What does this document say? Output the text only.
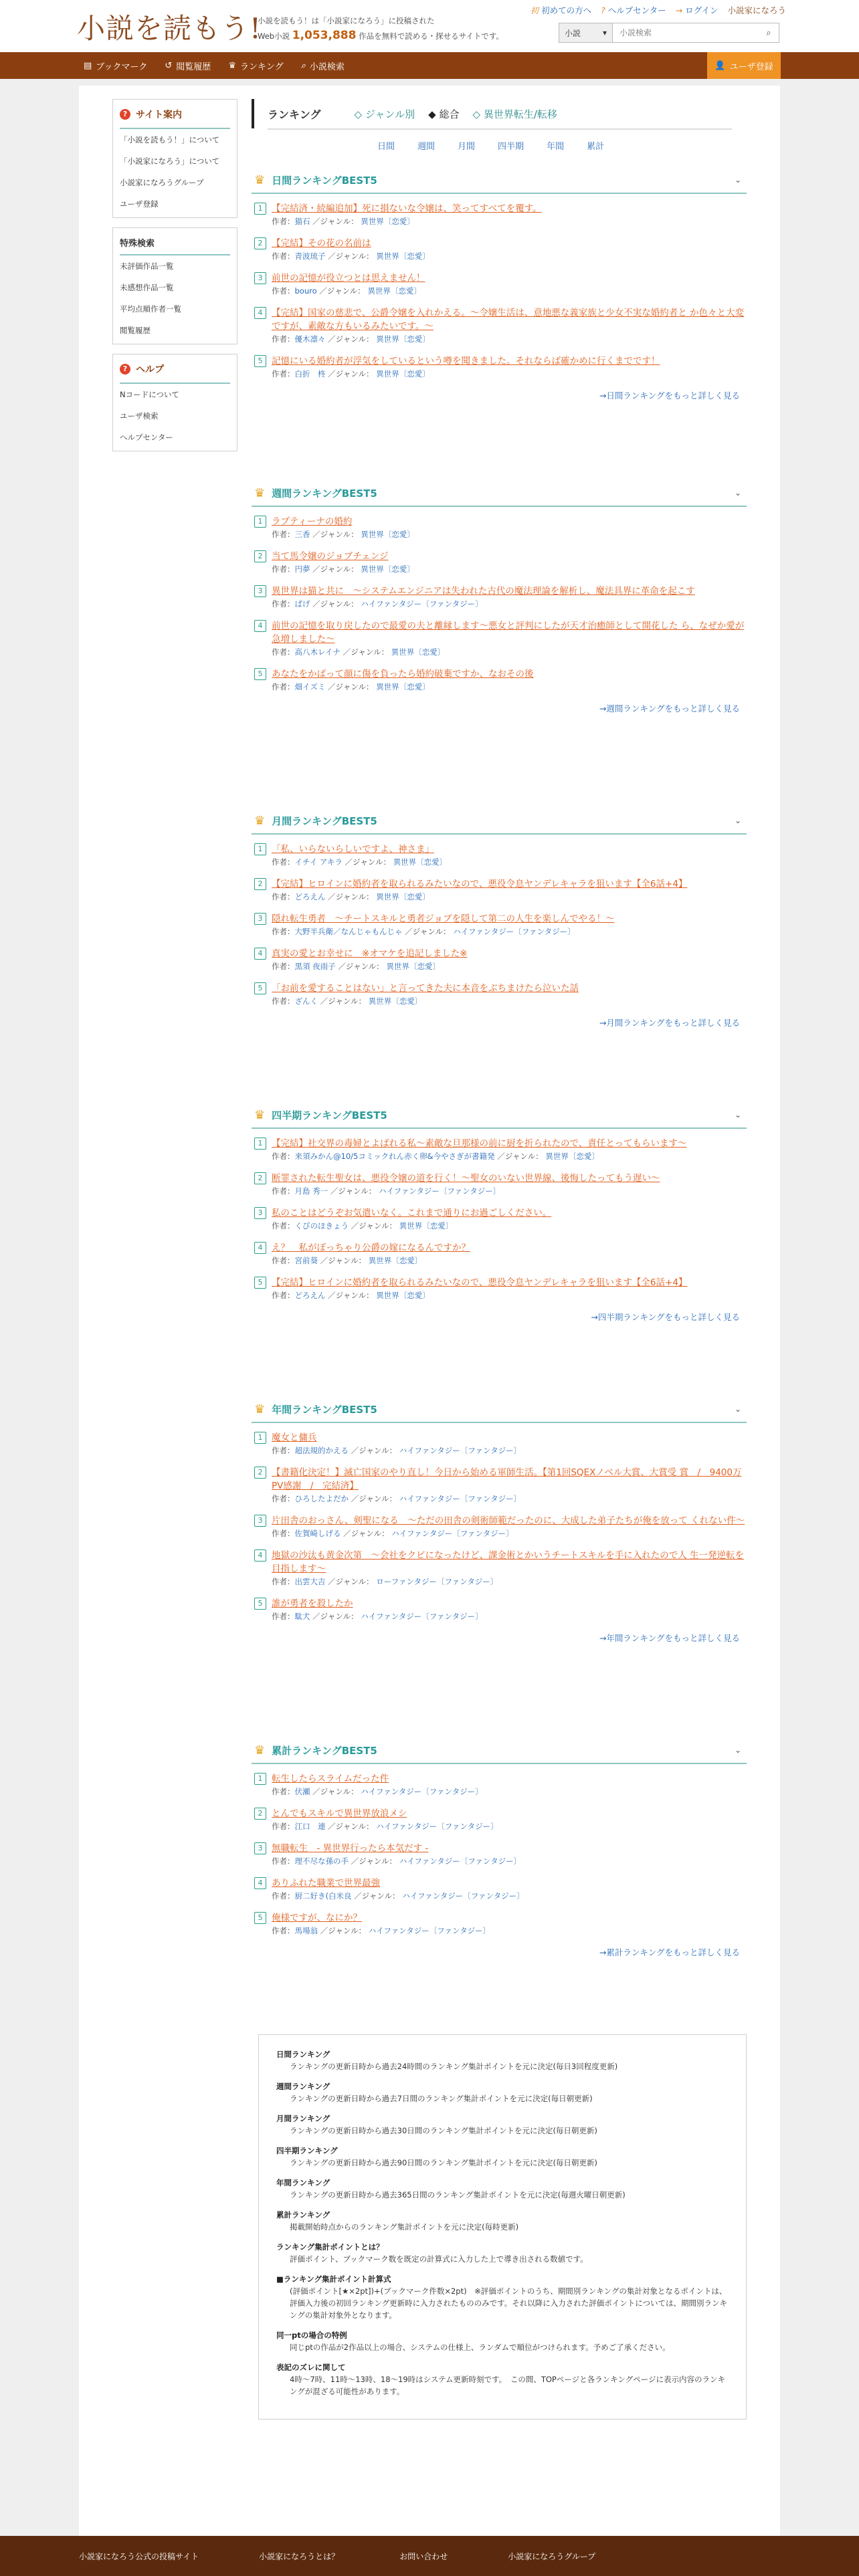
小説を読もう!
小説を読もう！は「小説家になろう」に投稿された
Web小説 1,053,888 作品を無料で読める・探せるサイトです。
初 初めての方へ ? ヘルプセンター → ログイン 小説家になろう
小説	▾
小説検索	⌕
▤ ブックマーク ↺ 閲覧履歴 ♛ ランキング ⌕ 小説検索	👤 ユーザ登録
? サイト案内
「小説を読もう！」について
「小説家になろう」について
小説家になろうグループ
ユーザ登録
特殊検索
未評価作品一覧
未感想作品一覧
平均点順作者一覧
閲覧履歴
? ヘルプ
Nコードについて
ユーザ検索
ヘルプセンター
ランキング	◇ ジャンル別 ◆ 総合 ◇ 異世界転生/転移
日間	週間	月間	四半期	年間	累計
♛ 日間ランキングBEST5	⌄
1	【完結済・続編追加】死に損ないな令嬢は、笑ってすべてを覆す。
作者：猫石 ／ジャンル： 異世界〔恋愛〕
2	【完結】その花の名前は
作者：青波琉子 ／ジャンル： 異世界〔恋愛〕
3	前世の記憶が役立つとは思えません！
作者：bouro ／ジャンル： 異世界〔恋愛〕
4	【完結】国家の慈悲で、公爵令嬢を入れかえる。〜令嬢生活は、意地悪な義家族と少女不実な婚約者と か色々と大変ですが、素敵な方もいるみたいです。〜
作者：優木凛々 ／ジャンル： 異世界〔恋愛〕
5	記憶にいる婚約者が浮気をしているという噂を聞きました。それならば確かめに行くまでです！
作者：白折　柊 ／ジャンル： 異世界〔恋愛〕
→日間ランキングをもっと詳しく見る
♛ 週間ランキングBEST5	⌄
1	ラプティーナの婚約
作者：三香 ／ジャンル： 異世界〔恋愛〕
2	当て馬令嬢のジョブチェンジ
作者：円夢 ／ジャンル： 異世界〔恋愛〕
3	異世界は猫と共に　〜システムエンジニアは失われた古代の魔法理論を解析し、魔法具界に革命を起こす
作者：ぱげ ／ジャンル： ハイファンタジー〔ファンタジー〕
4	前世の記憶を取り戻したので最愛の夫と離縁します〜悪女と評判にしたが天才治癒師として開花した ら、なぜか愛が急増しました〜
作者：高八木レイナ ／ジャンル： 異世界〔恋愛〕
5	あなたをかばって顔に傷を負ったら婚約破棄ですか、なおその後
作者：畑イズミ ／ジャンル： 異世界〔恋愛〕
→週間ランキングをもっと詳しく見る
♛ 月間ランキングBEST5	⌄
1	「私、いらないらしいですよ、神さま」
作者：イチイ アキラ ／ジャンル： 異世界〔恋愛〕
2	【完結】ヒロインに婚約者を取られるみたいなので、悪役令息ヤンデレキャラを狙います【全6話+4】
作者：どろえん ／ジャンル： 異世界〔恋愛〕
3	隠れ転生勇者　〜チートスキルと勇者ジョブを隠して第二の人生を楽しんでやる！〜
作者：大野半兵衛／なんじゃもんじゃ ／ジャンル： ハイファンタジー〔ファンタジー〕
4	真実の愛とお幸せに　※オマケを追記しました※
作者：黒須 夜雨子 ／ジャンル： 異世界〔恋愛〕
5	「お前を愛することはない」と言ってきた夫に本音をぶちまけたら泣いた話
作者：ざんく ／ジャンル： 異世界〔恋愛〕
→月間ランキングをもっと詳しく見る
♛ 四半期ランキングBEST5	⌄
1	【完結】社交界の毒婦とよばれる私〜素敵な旦那様の前に厨を折られたので、責任とってもらいます〜
作者：来須みかん@10/5コミックれん赤く卵&今やさぎが書籍発 ／ジャンル： 異世界〔恋愛〕
2	断罪された転生聖女は、悪役令嬢の道を行く！〜聖女のいない世界線、後悔したってもう遅い〜
作者：月島 秀一 ／ジャンル： ハイファンタジー〔ファンタジー〕
3	私のことはどうぞお気遣いなく。これまで通りにお過ごしください。
作者：くびのほきょう ／ジャンル： 異世界〔恋愛〕
4	え？　私がぼっちゃり公爵の嫁になるんですか？
作者：宮前葵 ／ジャンル： 異世界〔恋愛〕
5	【完結】ヒロインに婚約者を取られるみたいなので、悪役令息ヤンデレキャラを狙います【全6話+4】
作者：どろえん ／ジャンル： 異世界〔恋愛〕
→四半期ランキングをもっと詳しく見る
♛ 年間ランキングBEST5	⌄
1	魔女と傭兵
作者：超法規的かえる ／ジャンル： ハイファンタジー〔ファンタジー〕
2	【書籍化決定！】滅亡国家のやり直し！今日から始める軍師生活。【第1回SQEXノベル大賞、大賞受 賞　/　9400万PV感謝　/　完結済】
作者：ひろしたよだか ／ジャンル： ハイファンタジー〔ファンタジー〕
3	片田舎のおっさん、剣聖になる　〜ただの田舎の剣術師範だったのに、大成した弟子たちが俺を放って くれない件〜
作者：佐賀崎しげる ／ジャンル： ハイファンタジー〔ファンタジー〕
4	地獄の沙汰も黄金次第　〜会社をクビになったけど、課金術とかいうチートスキルを手に入れたので人 生一発逆転を目指します〜
作者：出雲大吉 ／ジャンル： ローファンタジー〔ファンタジー〕
5	誰が勇者を殺したか
作者：駄犬 ／ジャンル： ハイファンタジー〔ファンタジー〕
→年間ランキングをもっと詳しく見る
♛ 累計ランキングBEST5	⌄
1	転生したらスライムだった件
作者：伏瀬 ／ジャンル： ハイファンタジー〔ファンタジー〕
2	とんでもスキルで異世界放浪メシ
作者：江口　連 ／ジャンル： ハイファンタジー〔ファンタジー〕
3	無職転生　- 異世界行ったら本気だす -
作者：理不尽な孫の手 ／ジャンル： ハイファンタジー〔ファンタジー〕
4	ありふれた職業で世界最強
作者：厨二好き(白米良 ／ジャンル： ハイファンタジー〔ファンタジー〕
5	俺様ですが、なにか？
作者：馬場翁 ／ジャンル： ハイファンタジー〔ファンタジー〕
→累計ランキングをもっと詳しく見る
日間ランキング
ランキングの更新日時から過去24時間のランキング集計ポイントを元に決定(毎日3回程度更新)
週間ランキング
ランキングの更新日時から過去7日間のランキング集計ポイントを元に決定(毎日朝更新)
月間ランキング
ランキングの更新日時から過去30日間のランキング集計ポイントを元に決定(毎日朝更新)
四半期ランキング
ランキングの更新日時から過去90日間のランキング集計ポイントを元に決定(毎日朝更新)
年間ランキング
ランキングの更新日時から過去365日間のランキング集計ポイントを元に決定(毎週火曜日朝更新)
累計ランキング
掲載開始時点からのランキング集計ポイントを元に決定(毎時更新)
ランキング集計ポイントとは？
評価ポイント、ブックマーク数を既定の計算式に入力した上で導き出される数値です。
■ランキング集計ポイント計算式
(評価ポイント[★×2pt])+(ブックマーク件数×2pt)　※評価ポイントのうち、期間別ランキングの集計対象となるポイントは、評価入力後の初回ランキング更新時に入力されたもののみです。それ以降に入力された評価ポイントについては、期間別ランキングの集計対象外となります。
同一ptの場合の特例
同じptの作品が2作品以上の場合、システムの仕様上、ランダムで順位がつけられます。予めご了承ください。
表記のズレに関して
4時〜7時、11時〜13時、18〜19時はシステム更新時刻です。　この間、TOPページと各ランキングページに表示内容のランキングが混ざる可能性があります。
小説家になろう公式の投稿サイト	小説家になろうとは？	お問い合わせ	小説家になろうグループ
